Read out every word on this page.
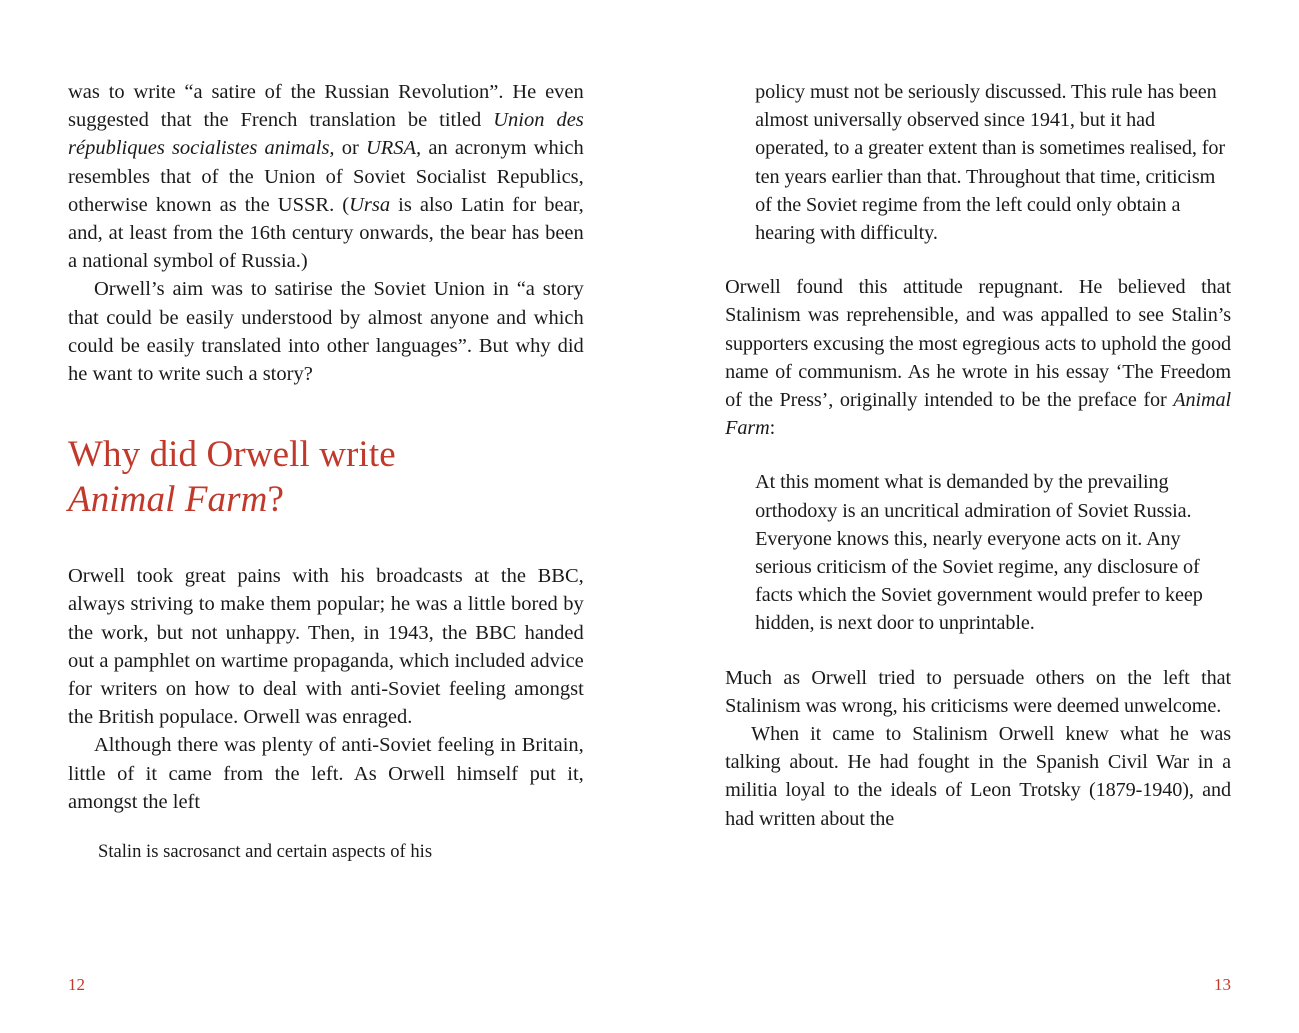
was to write “a satire of the Russian Revolution”. He even suggested that the French translation be titled Union des républiques socialistes animals, or URSA, an acronym which resembles that of the Union of Soviet Socialist Republics, otherwise known as the USSR. (Ursa is also Latin for bear, and, at least from the 16th century onwards, the bear has been a national symbol of Russia.)

Orwell’s aim was to satirise the Soviet Union in “a story that could be easily understood by almost anyone and which could be easily translated into other languages”. But why did he want to write such a story?

Why did Orwell write
Animal Farm?

Orwell took great pains with his broadcasts at the BBC, always striving to make them popular; he was a little bored by the work, but not unhappy. Then, in 1943, the BBC handed out a pamphlet on wartime propaganda, which included advice for writers on how to deal with anti-Soviet feeling amongst the British populace. Orwell was enraged.

Although there was plenty of anti-Soviet feeling in Britain, little of it came from the left. As Orwell himself put it, amongst the left

Stalin is sacrosanct and certain aspects of his

policy must not be seriously discussed. This rule has been almost universally observed since 1941, but it had operated, to a greater extent than is sometimes realised, for ten years earlier than that. Throughout that time, criticism of the Soviet regime from the left could only obtain a hearing with difficulty.

Orwell found this attitude repugnant. He believed that Stalinism was reprehensible, and was appalled to see Stalin’s supporters excusing the most egregious acts to uphold the good name of communism. As he wrote in his essay ‘The Freedom of the Press’, originally intended to be the preface for Animal Farm:

At this moment what is demanded by the prevailing orthodoxy is an uncritical admiration of Soviet Russia. Everyone knows this, nearly everyone acts on it. Any serious criticism of the Soviet regime, any disclosure of facts which the Soviet government would prefer to keep hidden, is next door to unprintable.

Much as Orwell tried to persuade others on the left that Stalinism was wrong, his criticisms were deemed unwelcome.

When it came to Stalinism Orwell knew what he was talking about. He had fought in the Spanish Civil War in a militia loyal to the ideals of Leon Trotsky (1879-1940), and had written about the

12	13
